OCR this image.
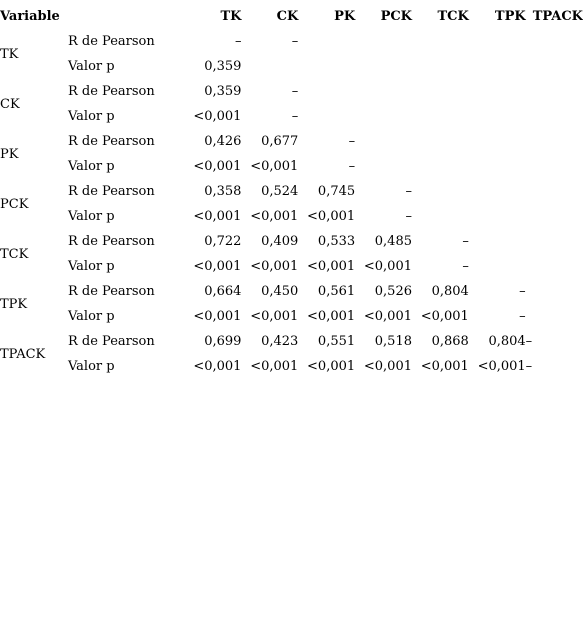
Variable		TK	CK	PK	PCK	TCK	TPK	TPACK
TK	R de Pearson	–	–					
	Valor p	0,359						
CK	R de Pearson	0,359	–					
	Valor p	<0,001	–					
PK	R de Pearson	0,426	0,677	–				
	Valor p	<0,001	<0,001	–				
PCK	R de Pearson	0,358	0,524	0,745	–			
	Valor p	<0,001	<0,001	<0,001	–			
TCK	R de Pearson	0,722	0,409	0,533	0,485	–		
	Valor p	<0,001	<0,001	<0,001	<0,001	–		
TPK	R de Pearson	0,664	0,450	0,561	0,526	0,804	–	
	Valor p	<0,001	<0,001	<0,001	<0,001	<0,001	–	
TPACK	R de Pearson	0,699	0,423	0,551	0,518	0,868	0,804	–
	Valor p	<0,001	<0,001	<0,001	<0,001	<0,001	<0,001	–
